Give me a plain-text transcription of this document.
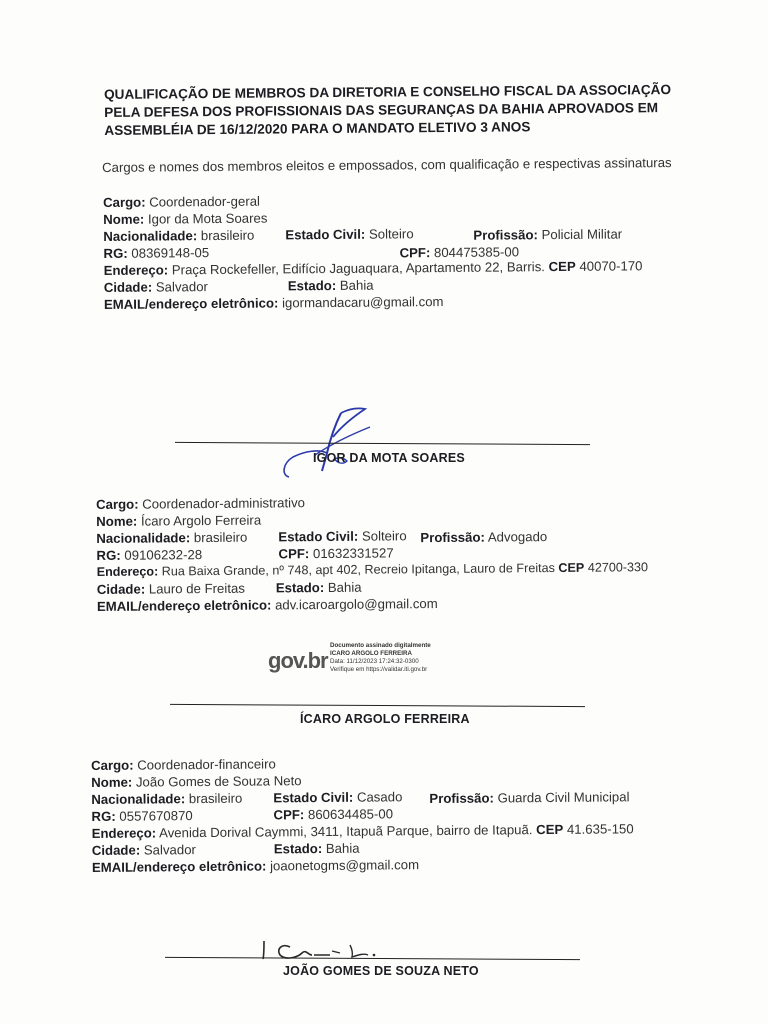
QUALIFICAÇÃO DE MEMBROS DA DIRETORIA E CONSELHO FISCAL DA ASSOCIAÇÃO PELA DEFESA DOS PROFISSIONAIS DAS SEGURANÇAS DA BAHIA APROVADOS EM ASSEMBLÉIA DE 16/12/2020 PARA O MANDATO ELETIVO 3 ANOS
Cargos e nomes dos membros eleitos e empossados, com qualificação e respectivas assinaturas
Cargo: Coordenador-geral
Nome: Igor da Mota Soares
Nacionalidade: brasileiro Estado Civil: Solteiro	Profissão: Policial Militar
RG: 08369148-05	CPF: 804475385-00
Endereço: Praça Rockefeller, Edifício Jaguaquara, Apartamento 22, Barris. CEP 40070-170
Cidade: Salvador	Estado: Bahia
EMAIL/endereço eletrônico: igormandacaru@gmail.com
IGOR DA MOTA SOARES
Cargo: Coordenador-administrativo
Nome: Ícaro Argolo Ferreira
Nacionalidade: brasileiro Estado Civil: Solteiro Profissão: Advogado
RG: 09106232-28	CPF: 01632331527
Endereço: Rua Baixa Grande, nº 748, apt 402, Recreio Ipitanga, Lauro de Freitas CEP 42700-330
Cidade: Lauro de Freitas Estado: Bahia
EMAIL/endereço eletrônico: adv.icaroargolo@gmail.com
gov.br
Documento assinado digitalmente
ICARO ARGOLO FERREIRA
Data: 11/12/2023 17:24:32-0300
Verifique em https://validar.iti.gov.br
ÍCARO ARGOLO FERREIRA
Cargo: Coordenador-financeiro
Nome: João Gomes de Souza Neto
Nacionalidade: brasileiro Estado Civil: Casado Profissão: Guarda Civil Municipal
RG: 0557670870	CPF: 860634485-00
Endereço: Avenida Dorival Caymmi, 3411, Itapuã Parque, bairro de Itapuã. CEP 41.635-150
Cidade: Salvador	Estado: Bahia
EMAIL/endereço eletrônico: joaonetogms@gmail.com
JOÃO GOMES DE SOUZA NETO
